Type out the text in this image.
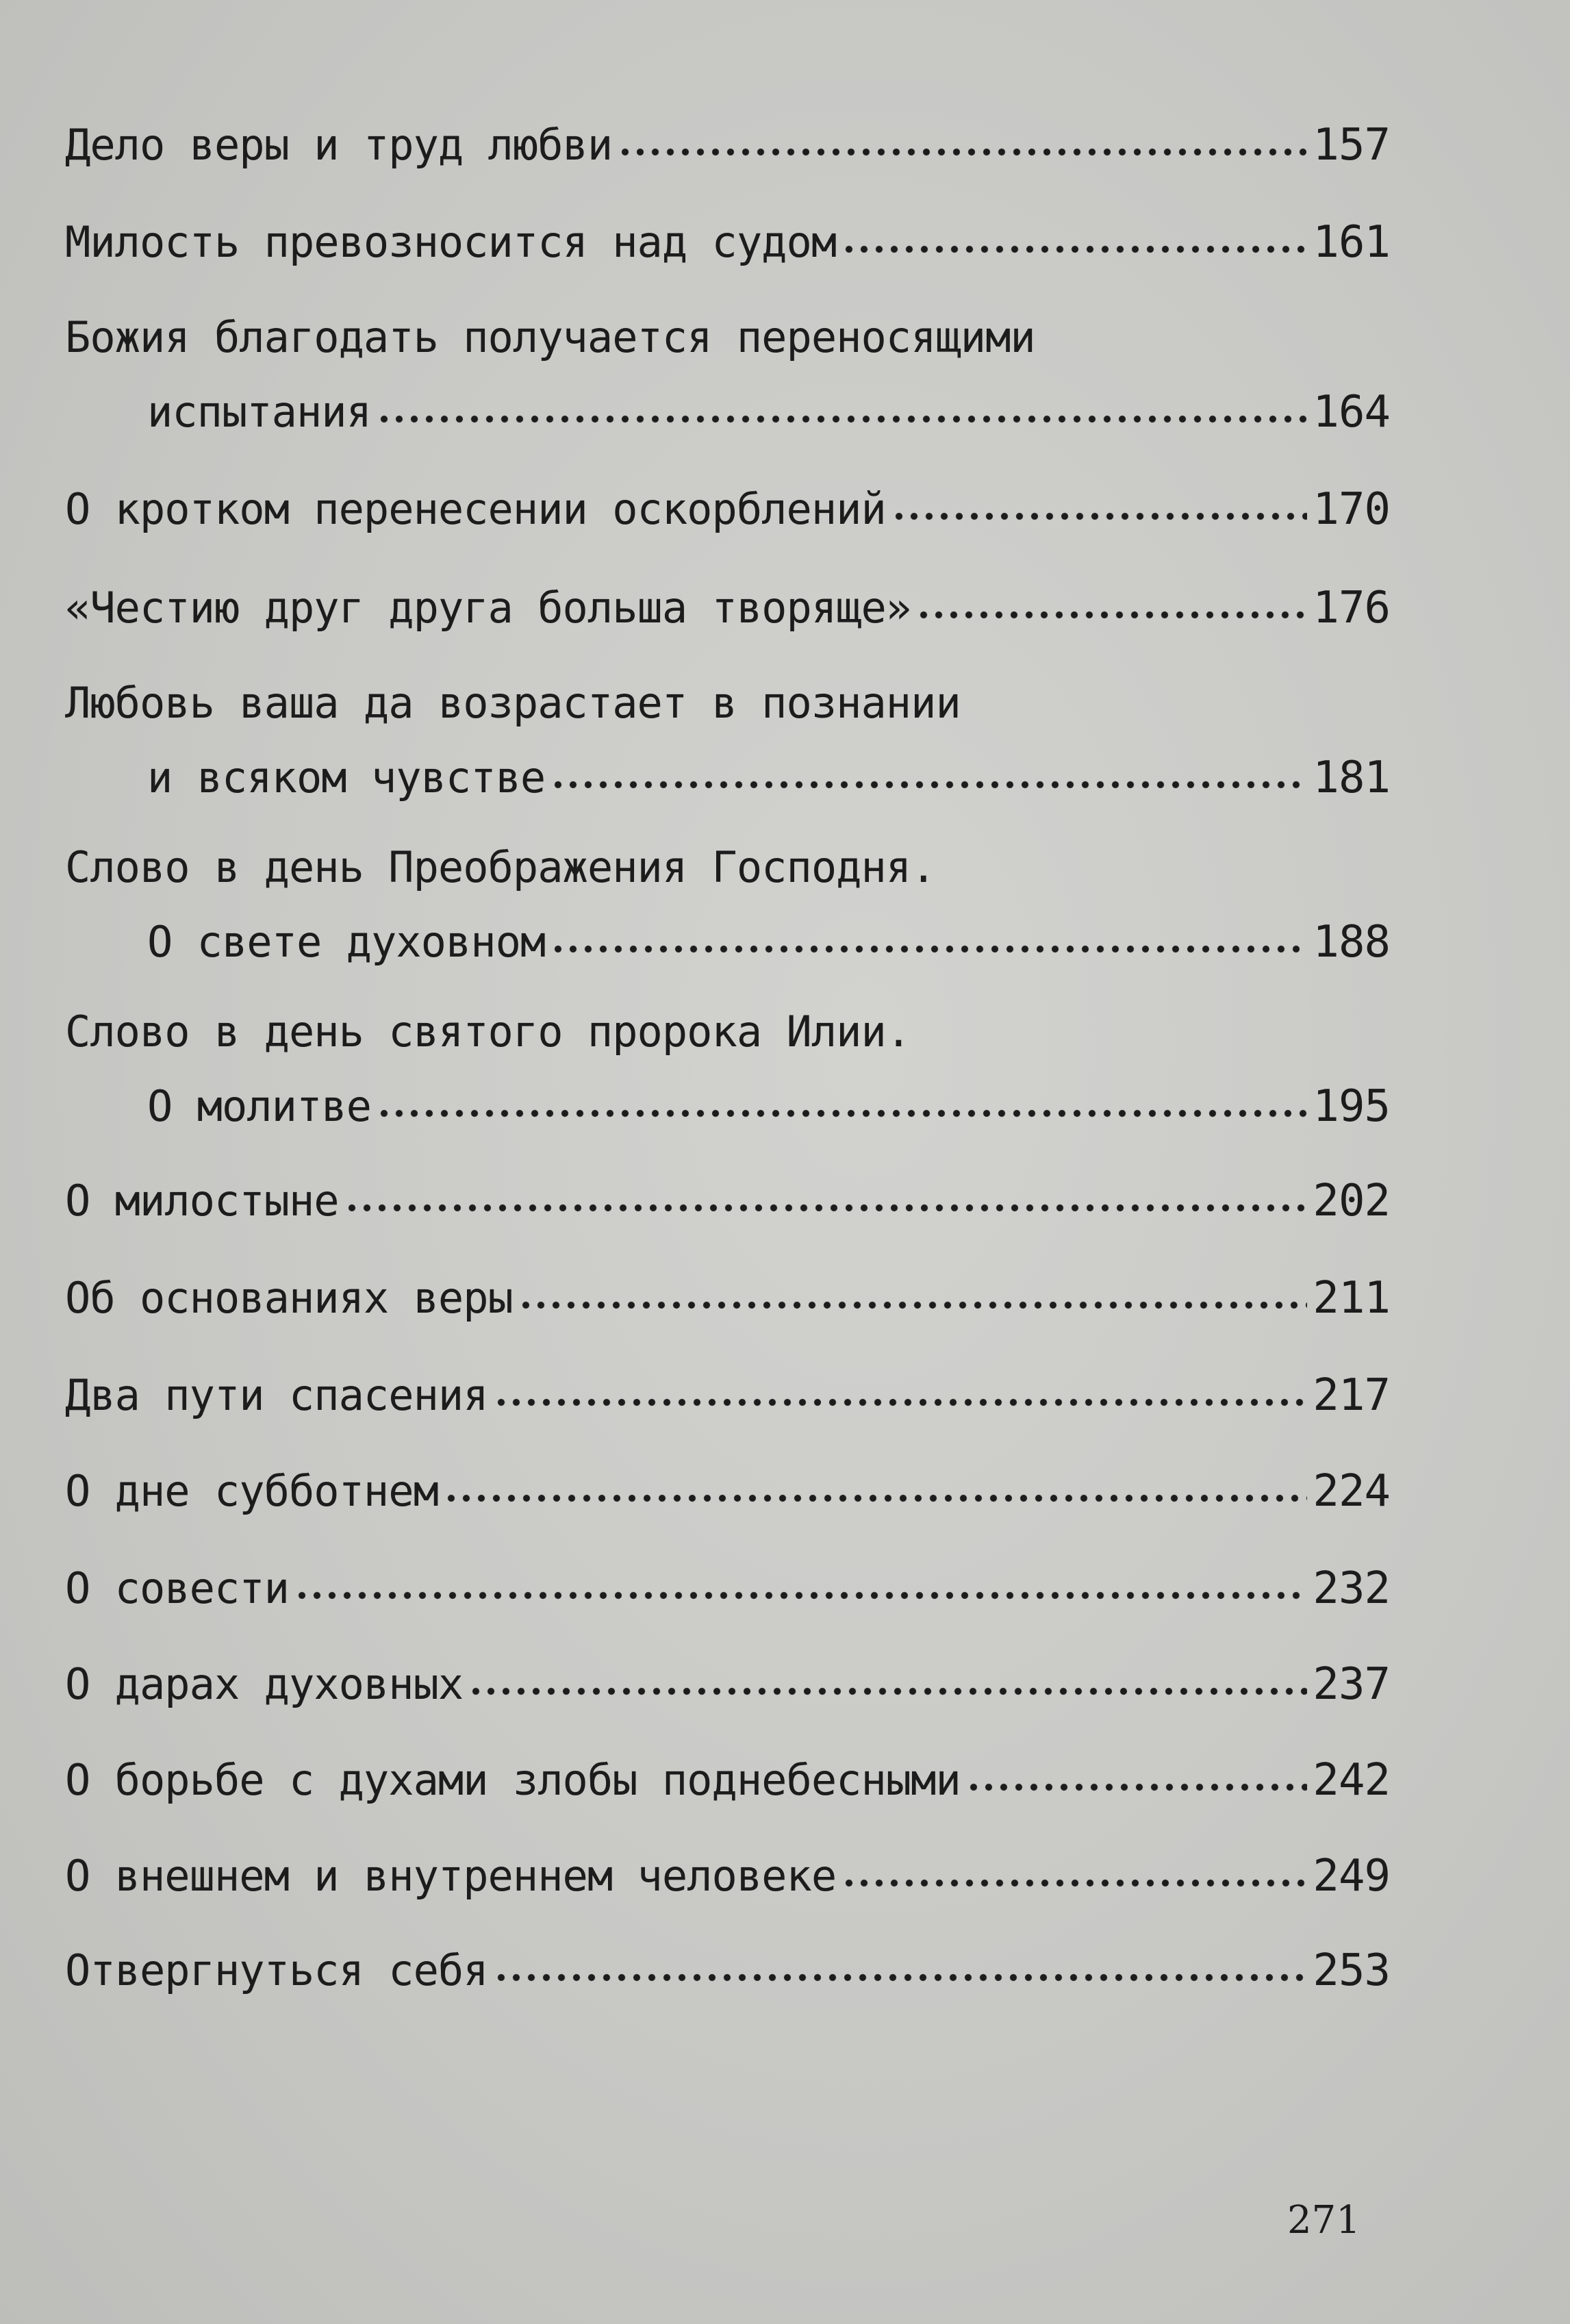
Дело веры и труд любви	157
Милость превозносится над судом	161
Божия благодать получается переносящими
испытания	164
О кротком перенесении оскорблений	170
«Честию друг друга больша творяще»	176
Любовь ваша да возрастает в познании
и всяком чувстве	181
Слово в день Преображения Господня.
О свете духовном	188
Слово в день святого пророка Илии.
О молитве	195
О милостыне	202
Об основаниях веры	211
Два пути спасения	217
О дне субботнем	224
О совести	232
О дарах духовных	237
О борьбе с духами злобы поднебесными	242
О внешнем и внутреннем человеке	249
Отвергнуться себя	253
271
